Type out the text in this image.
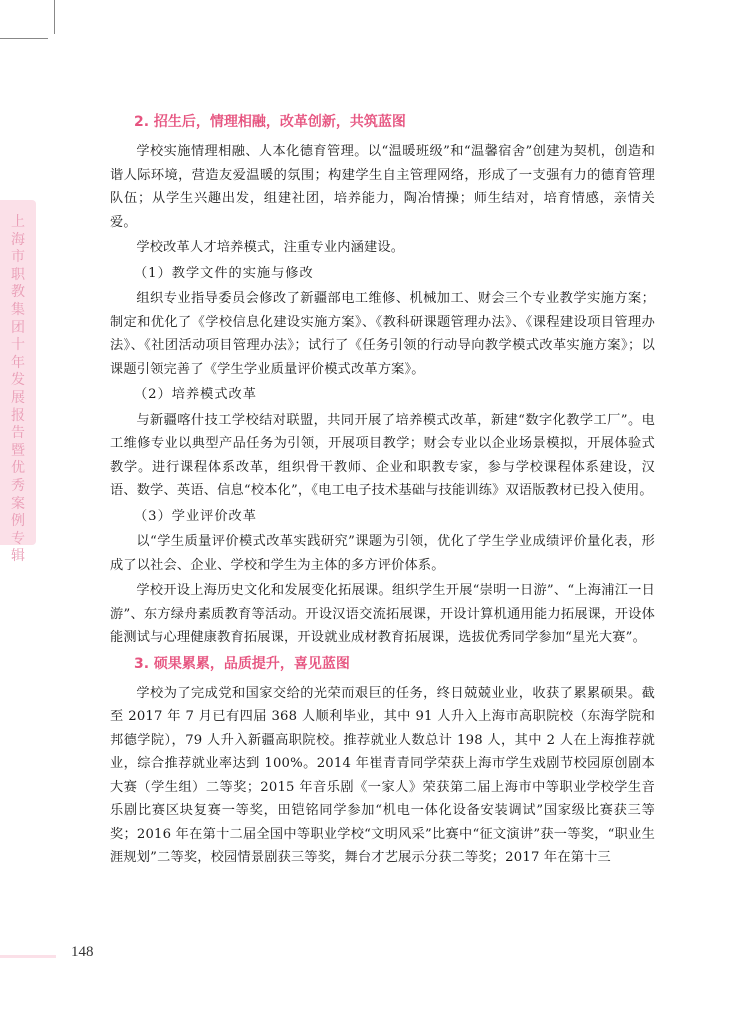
上海市职教集团十年发展报告暨优秀案例专辑
2. 招生后，情理相融，改革创新，共筑蓝图

学校实施情理相融、人本化德育管理。以“温暖班级”和“温馨宿舍”创建为契机，创造和谐人际环境，营造友爱温暖的氛围；构建学生自主管理网络，形成了一支强有力的德育管理队伍；从学生兴趣出发，组建社团，培养能力，陶冶情操；师生结对，培育情感，亲情关爱。

学校改革人才培养模式，注重专业内涵建设。

（1）教学文件的实施与修改

组织专业指导委员会修改了新疆部电工维修、机械加工、财会三个专业教学实施方案；制定和优化了《学校信息化建设实施方案》、《教科研课题管理办法》、《课程建设项目管理办法》、《社团活动项目管理办法》；试行了《任务引领的行动导向教学模式改革实施方案》；以课题引领完善了《学生学业质量评价模式改革方案》。

（2）培养模式改革

与新疆喀什技工学校结对联盟，共同开展了培养模式改革，新建“数字化教学工厂”。电工维修专业以典型产品任务为引领，开展项目教学；财会专业以企业场景模拟，开展体验式教学。进行课程体系改革，组织骨干教师、企业和职教专家，参与学校课程体系建设，汉语、数学、英语、信息“校本化”，《电工电子技术基础与技能训练》双语版教材已投入使用。

（3）学业评价改革

以“学生质量评价模式改革实践研究”课题为引领，优化了学生学业成绩评价量化表，形成了以社会、企业、学校和学生为主体的多方评价体系。

学校开设上海历史文化和发展变化拓展课。组织学生开展“崇明一日游”、“上海浦江一日游”、东方绿舟素质教育等活动。开设汉语交流拓展课，开设计算机通用能力拓展课，开设体能测试与心理健康教育拓展课，开设就业成材教育拓展课，选拔优秀同学参加“星光大赛”。

3. 硕果累累，品质提升，喜见蓝图

学校为了完成党和国家交给的光荣而艰巨的任务，终日兢兢业业，收获了累累硕果。截至 2017 年 7 月已有四届 368 人顺利毕业，其中 91 人升入上海市高职院校（东海学院和邦德学院），79 人升入新疆高职院校。推荐就业人数总计 198 人，其中 2 人在上海推荐就业，综合推荐就业率达到 100%。2014 年崔青青同学荣获上海市学生戏剧节校园原创剧本大赛（学生组）二等奖；2015 年音乐剧《一家人》荣获第二届上海市中等职业学校学生音乐剧比赛区块复赛一等奖，田铠铭同学参加“机电一体化设备安装调试”国家级比赛获三等奖；2016 年在第十二届全国中等职业学校“文明风采”比赛中“征文演讲”获一等奖，“职业生涯规划”二等奖，校园情景剧获三等奖，舞台才艺展示分获二等奖；2017 年在第十三

148
